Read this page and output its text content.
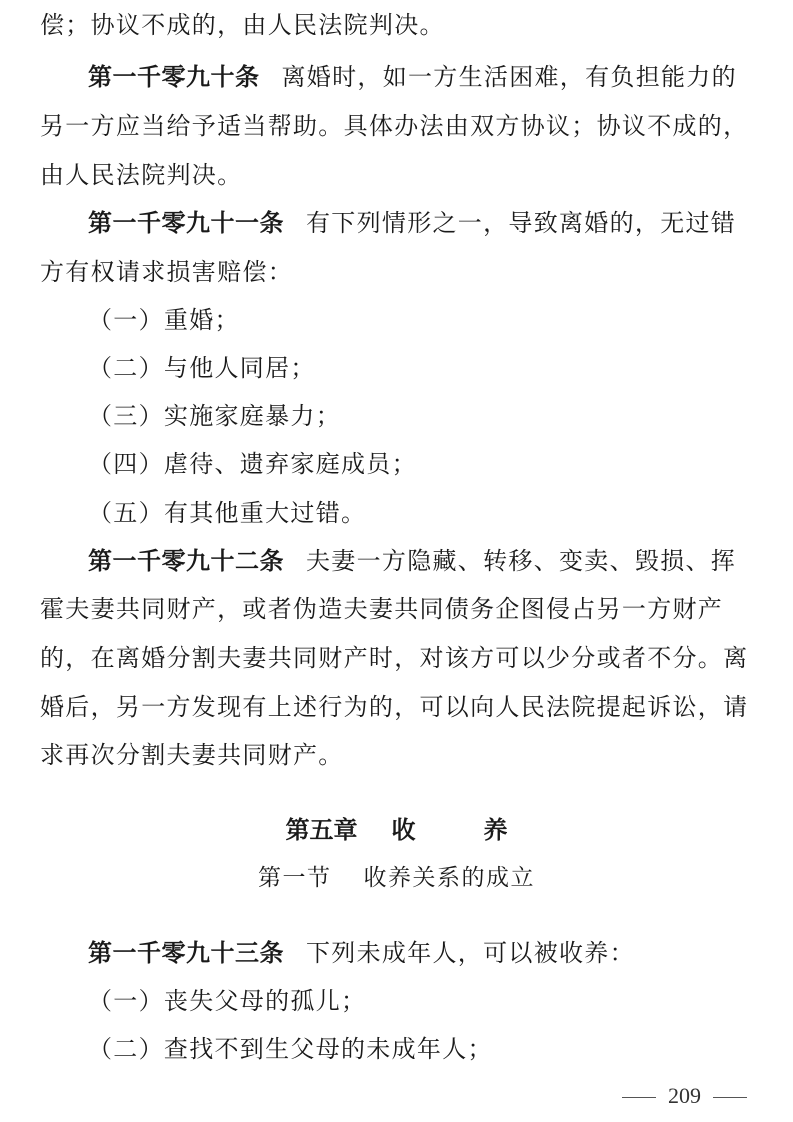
偿；协议不成的，由人民法院判决。
第一千零九十条 离婚时，如一方生活困难，有负担能力的
另一方应当给予适当帮助。具体办法由双方协议；协议不成的，
由人民法院判决。
第一千零九十一条 有下列情形之一，导致离婚的，无过错
方有权请求损害赔偿：
（一）重婚；
（二）与他人同居；
（三）实施家庭暴力；
（四）虐待、遗弃家庭成员；
（五）有其他重大过错。
第一千零九十二条 夫妻一方隐藏、转移、变卖、毁损、挥
霍夫妻共同财产，或者伪造夫妻共同债务企图侵占另一方财产
的，在离婚分割夫妻共同财产时，对该方可以少分或者不分。离
婚后，另一方发现有上述行为的，可以向人民法院提起诉讼，请
求再次分割夫妻共同财产。
第五章 收	养
第一节 收养关系的成立
第一千零九十三条 下列未成年人，可以被收养：
（一）丧失父母的孤儿；
（二）查找不到生父母的未成年人；
209
